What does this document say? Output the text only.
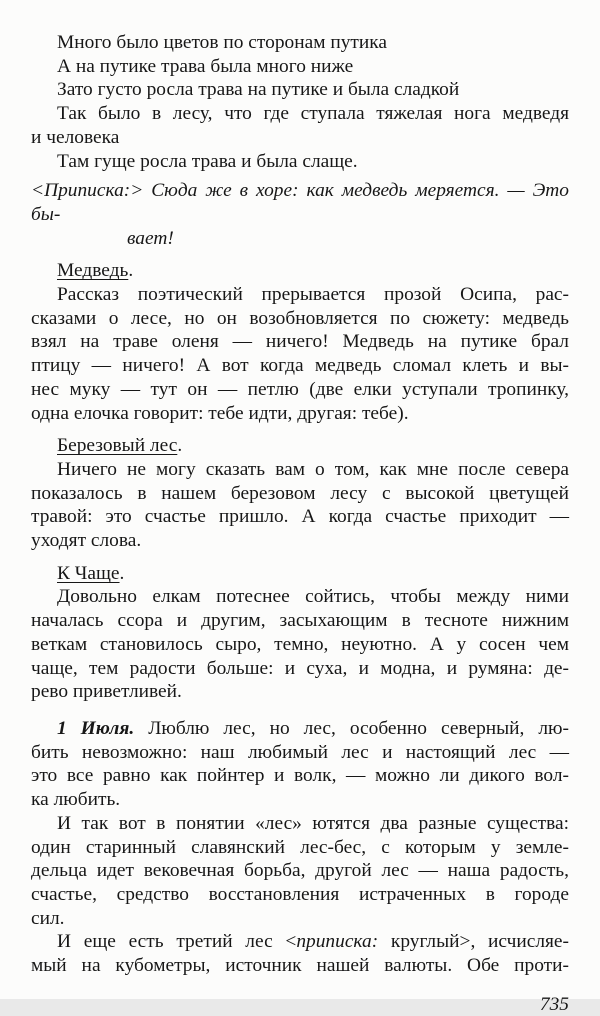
Много было цветов по сторонам путика
А на путике трава была много ниже
Зато густо росла трава на путике и была сладкой
Так было в лесу, что где ступала тяжелая нога медведя
и человека
Там гуще росла трава и была слаще.
<Приписка:> Сюда же в хоре: как медведь меряется. — Это бы-
вает!
Медведь.
Рассказ поэтический прерывается прозой Осипа, рас-
сказами о лесе, но он возобновляется по сюжету: медведь
взял на траве оленя — ничего! Медведь на путике брал
птицу — ничего! А вот когда медведь сломал клеть и вы-
нес муку — тут он — петлю (две елки уступали тропинку,
одна елочка говорит: тебе идти, другая: тебе).
Березовый лес.
Ничего не могу сказать вам о том, как мне после севера
показалось в нашем березовом лесу с высокой цветущей
травой: это счастье пришло. А когда счастье приходит —
уходят слова.
К Чаще.
Довольно елкам потеснее сойтись, чтобы между ними
началась ссора и другим, засыхающим в тесноте нижним
веткам становилось сыро, темно, неуютно. А у сосен чем
чаще, тем радости больше: и суха, и модна, и румяна: де-
рево приветливей.
1 Июля. Люблю лес, но лес, особенно северный, лю-
бить невозможно: наш любимый лес и настоящий лес —
это все равно как пойнтер и волк, — можно ли дикого вол-
ка любить.
И так вот в понятии «лес» ютятся два разные существа:
один старинный славянский лес-бес, с которым у земле-
дельца идет вековечная борьба, другой лес — наша радость,
счастье, средство восстановления истраченных в городе
сил.
И еще есть третий лес <приписка: круглый>, исчисляе-
мый на кубометры, источник нашей валюты. Обе проти-
735
